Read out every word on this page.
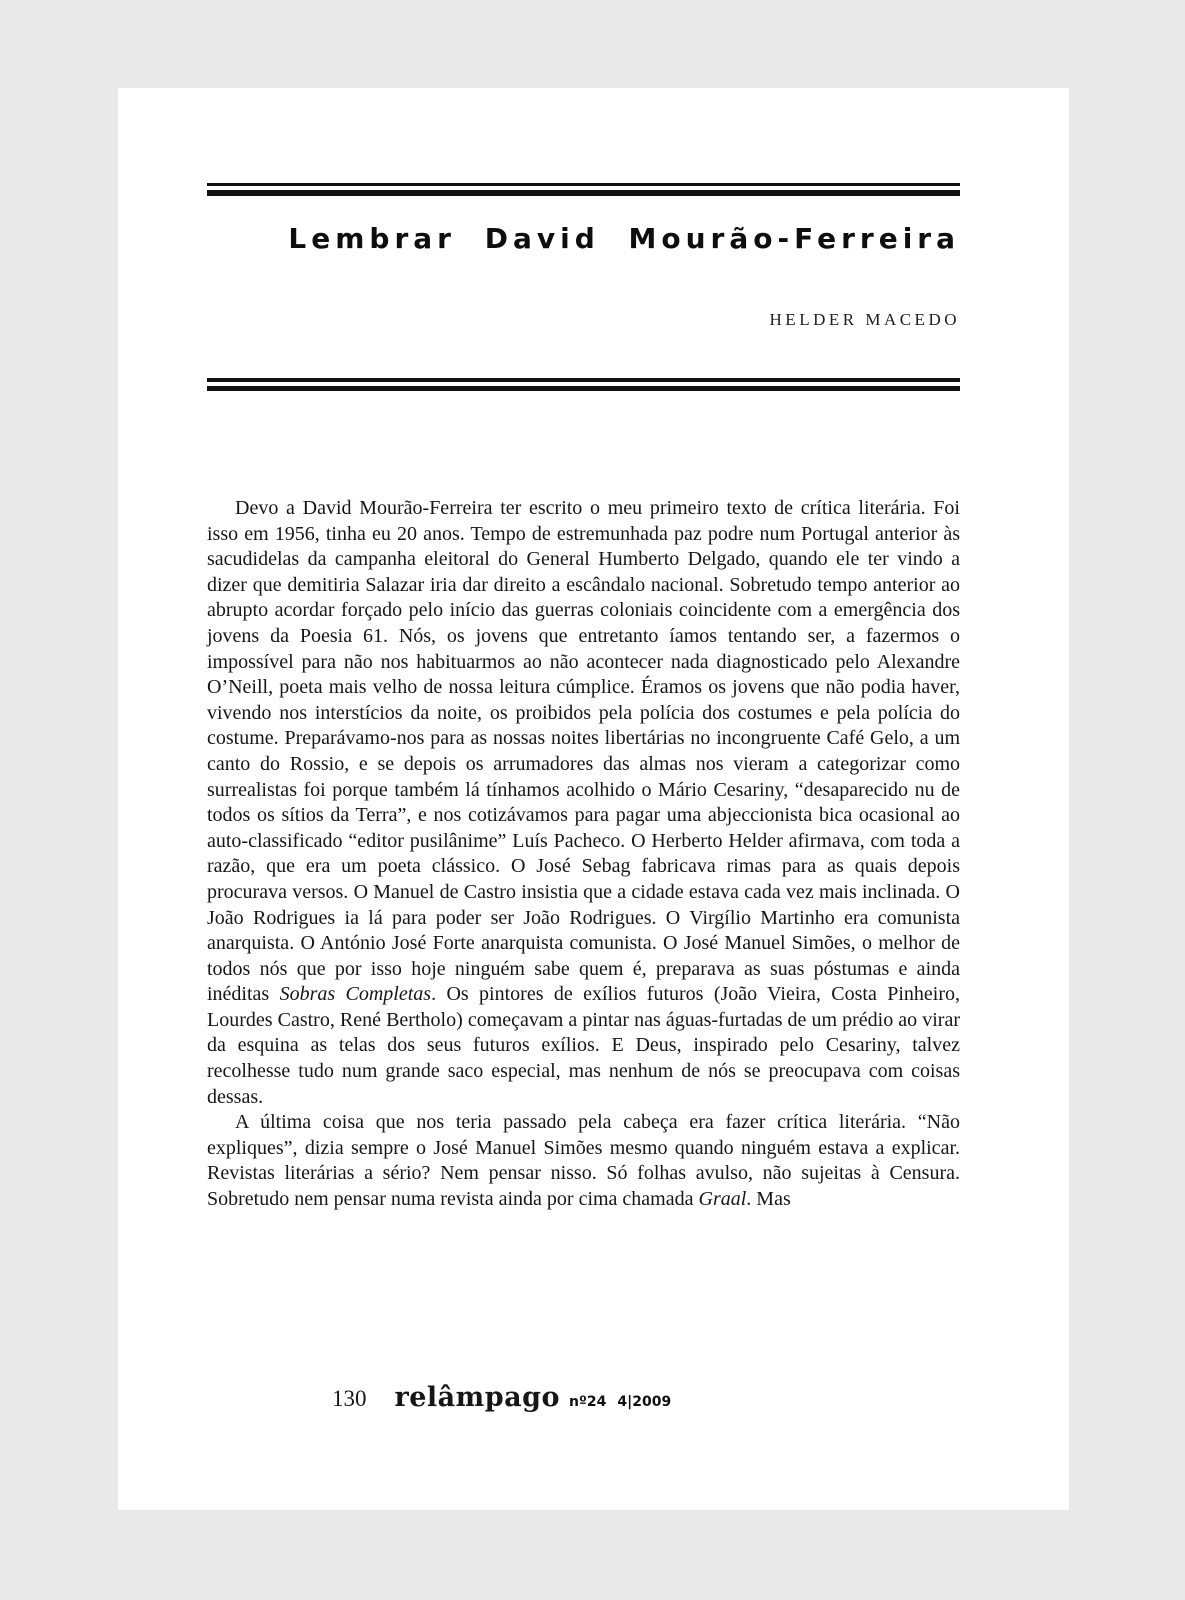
Lembrar David Mourão-Ferreira
HELDER MACEDO

Devo a David Mourão-Ferreira ter escrito o meu primeiro texto de crítica literária. Foi isso em 1956, tinha eu 20 anos. Tempo de estremunhada paz podre num Portugal anterior às sacudidelas da campanha eleitoral do General Humberto Delgado, quando ele ter vindo a dizer que demitiria Salazar iria dar direito a escândalo nacional. Sobretudo tempo anterior ao abrupto acordar forçado pelo início das guerras coloniais coincidente com a emergência dos jovens da Poesia 61. Nós, os jovens que entretanto íamos tentando ser, a fazermos o impossível para não nos habituarmos ao não acontecer nada diagnosticado pelo Alexandre O’Neill, poeta mais velho de nossa leitura cúmplice. Éramos os jovens que não podia haver, vivendo nos interstícios da noite, os proibidos pela polícia dos costumes e pela polícia do costume. Preparávamo-nos para as nossas noites libertárias no incongruente Café Gelo, a um canto do Rossio, e se depois os arrumadores das almas nos vieram a categorizar como surrealistas foi porque também lá tínhamos acolhido o Mário Cesariny, “desaparecido nu de todos os sítios da Terra”, e nos cotizávamos para pagar uma abjeccionista bica ocasional ao auto-classificado “editor pusilânime” Luís Pacheco. O Herberto Helder afirmava, com toda a razão, que era um poeta clássico. O José Sebag fabricava rimas para as quais depois procurava versos. O Manuel de Castro insistia que a cidade estava cada vez mais inclinada. O João Rodrigues ia lá para poder ser João Rodrigues. O Virgílio Martinho era comunista anarquista. O António José Forte anarquista comunista. O José Manuel Simões, o melhor de todos nós que por isso hoje ninguém sabe quem é, preparava as suas póstumas e ainda inéditas Sobras Completas. Os pintores de exílios futuros (João Vieira, Costa Pinheiro, Lourdes Castro, René Bertholo) começavam a pintar nas águas-furtadas de um prédio ao virar da esquina as telas dos seus futuros exílios. E Deus, inspirado pelo Cesariny, talvez recolhesse tudo num grande saco especial, mas nenhum de nós se preocupava com coisas dessas.

A última coisa que nos teria passado pela cabeça era fazer crítica literária. “Não expliques”, dizia sempre o José Manuel Simões mesmo quando ninguém estava a explicar. Revistas literárias a sério? Nem pensar nisso. Só folhas avulso, não sujeitas à Censura. Sobretudo nem pensar numa revista ainda por cima chamada Graal. Mas

130 relâmpago nº24 4|2009
